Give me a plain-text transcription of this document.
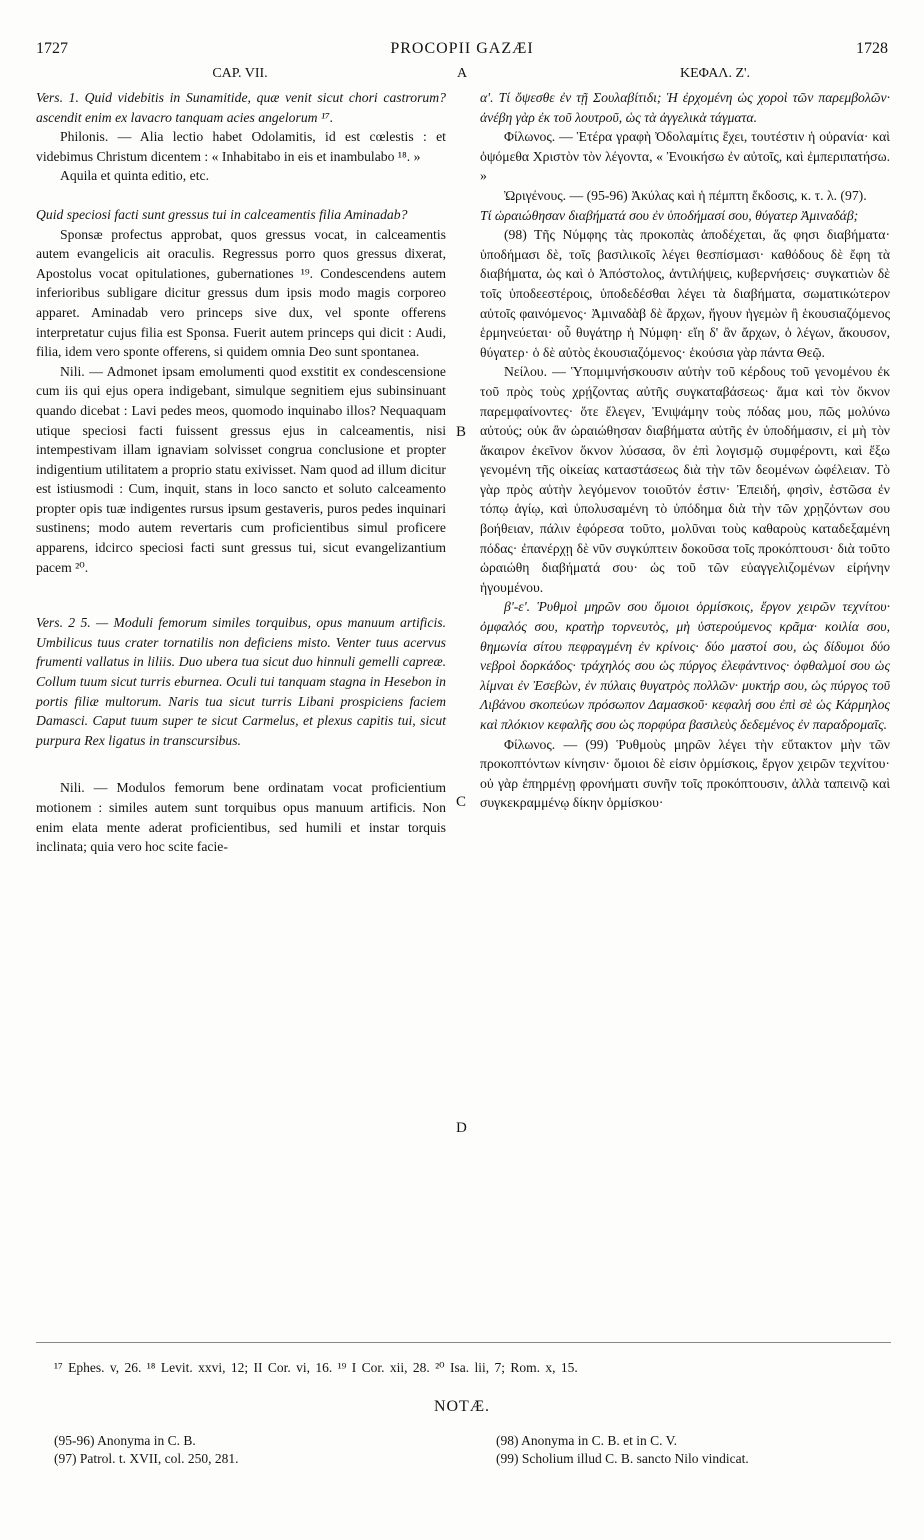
1727	PROCOPII GAZÆI	1728
CAP. VII.	A	ΚΕΦΑΛ. Ζ'.

Vers. 1. Quid videbitis in Sunamitide, quæ venit sicut chori castrorum? ascendit enim ex lavacro tanquam acies angelorum ¹⁷.

Philonis. — Alia lectio habet Odolamitis, id est cœlestis : et videbimus Christum dicentem : « Inhabitabo in eis et inambulabo ¹⁸. »

Aquila et quinta editio, etc.

Quid speciosi facti sunt gressus tui in calceamentis filia Aminadab?

Sponsæ profectus approbat, quos gressus vocat, in calceamentis autem evangelicis ait oraculis. Regressus porro quos gressus dixerat, Apostolus vocat opitulationes, gubernationes ¹⁹. Condescendens autem inferioribus subligare dicitur gressus dum ipsis modo magis corporeo apparet. Aminadab vero princeps sive dux, vel sponte offerens interpretatur cujus filia est Sponsa. Fuerit autem princeps qui dicit : Audi, filia, idem vero sponte offerens, si quidem omnia Deo sunt spontanea.

Nili. — Admonet ipsam emolumenti quod exstitit ex condescensione cum iis qui ejus opera indigebant, simulque segnitiem ejus subinsinuant quando dicebat : Lavi pedes meos, quomodo inquinabo illos? Nequaquam utique speciosi facti fuissent gressus ejus in calceamentis, nisi intempestivam illam ignaviam solvisset congrua conclusione et propter indigentium utilitatem a proprio statu exivisset. Nam quod ad illum dicitur est istiusmodi : Cum, inquit, stans in loco sancto et soluto calceamento propter opis tuæ indigentes rursus ipsum gestaveris, puros pedes inquinari sustinens; modo autem revertaris cum proficientibus simul proficere apparens, idcirco speciosi facti sunt gressus tui, sicut evangelizantium pacem ²⁰.

Vers. 2 5. — Moduli femorum similes torquibus, opus manuum artificis. Umbilicus tuus crater tornatilis non deficiens misto. Venter tuus acervus frumenti vallatus in liliis. Duo ubera tua sicut duo hinnuli gemelli capreæ. Collum tuum sicut turris eburnea. Oculi tui tanquam stagna in Hesebon in portis filiæ multorum. Naris tua sicut turris Libani prospiciens faciem Damasci. Caput tuum super te sicut Carmelus, et plexus capitis tui, sicut purpura Rex ligatus in transcursibus.

Nili. — Modulos femorum bene ordinatam vocat proficientium motionem : similes autem sunt torquibus opus manuum artificis. Non enim elata mente aderat proficientibus, sed humili et instar torquis inclinata; quia vero hoc scite facie-

α'. Τί ὄψεσθε ἐν τῇ Σουλαβίτιδι; Ἡ ἐρχομένη ὡς χοροὶ τῶν παρεμβολῶν· ἀνέβη γὰρ ἐκ τοῦ λουτροῦ, ὡς τὰ ἀγγελικὰ τάγματα.

Φίλωνος. — Ἑτέρα γραφὴ Ὀδολαμίτις ἔχει, τουτέστιν ἡ οὐρανία· καὶ ὀψόμεθα Χριστὸν τὸν λέγοντα, « Ἐνοικήσω ἐν αὐτοῖς, καὶ ἐμπεριπατήσω. »

Ὠριγένους. — (95-96) Ἀκύλας καὶ ἡ πέμπτη ἔκδοσις, κ. τ. λ. (97).

Τί ὡραιώθησαν διαβήματά σου ἐν ὑποδήμασί σου, θύγατερ Ἀμιναδάβ;

(98) Τῆς Νύμφης τὰς προκοπὰς ἀποδέχεται, ἅς φησι διαβήματα· ὑποδήμασι δὲ, τοῖς βασιλικοῖς λέγει θεσπίσμασι· καθόδους δὲ ἔφη τὰ διαβήματα, ὡς καὶ ὁ Ἀπόστολος, ἀντιλήψεις, κυβερνήσεις· συγκατιὼν δὲ τοῖς ὑποδεεστέροις, ὑποδεδέσθαι λέγει τὰ διαβήματα, σωματικώτερον αὐτοῖς φαινόμενος· Ἀμιναδὰβ δὲ ἄρχων, ἤγουν ἡγεμὼν ἢ ἑκουσιαζόμενος ἑρμηνεύεται· οὗ θυγάτηρ ἡ Νύμφη· εἴη δ' ἂν ἄρχων, ὁ λέγων, ἄκουσον, θύγατερ· ὁ δὲ αὐτὸς ἑκουσιαζόμενος· ἑκούσια γὰρ πάντα Θεῷ.

Νείλου. — Ὑπομιμνήσκουσιν αὐτὴν τοῦ κέρδους τοῦ γενομένου ἐκ τοῦ πρὸς τοὺς χρῄζοντας αὐτῆς συγκαταβάσεως· ἅμα καὶ τὸν ὄκνον παρεμφαίνοντες· ὅτε ἔλεγεν, Ἐνιψάμην τοὺς πόδας μου, πῶς μολύνω αὐτούς; οὐκ ἂν ὡραιώθησαν διαβήματα αὐτῆς ἐν ὑποδήμασιν, εἰ μὴ τὸν ἄκαιρον ἐκεῖνον ὄκνον λύσασα, ὃν ἐπὶ λογισμῷ συμφέροντι, καὶ ἔξω γενομένη τῆς οἰκείας καταστάσεως διὰ τὴν τῶν δεομένων ὠφέλειαν. Τὸ γὰρ πρὸς αὐτὴν λεγόμενον τοιοῦτόν ἐστιν· Ἐπειδή, φησὶν, ἑστῶσα ἐν τόπῳ ἁγίῳ, καὶ ὑπολυσαμένη τὸ ὑπόδημα διὰ τὴν τῶν χρῃζόντων σου βοήθειαν, πάλιν ἐφόρεσα τοῦτο, μολῦναι τοὺς καθαροὺς καταδεξαμένη πόδας· ἐπανέρχῃ δὲ νῦν συγκύπτειν δοκοῦσα τοῖς προκόπτουσι· διὰ τοῦτο ὡραιώθη διαβήματά σου· ὡς τοῦ τῶν εὐαγγελιζομένων εἰρήνην ἡγουμένου.

β'-ε'. Ῥυθμοὶ μηρῶν σου ὅμοιοι ὁρμίσκοις, ἔργον χειρῶν τεχνίτου· ὀμφαλός σου, κρατὴρ τορνευτὸς, μὴ ὑστερούμενος κρᾶμα· κοιλία σου, θημωνία σίτου πεφραγμένη ἐν κρίνοις· δύο μαστοί σου, ὡς δίδυμοι δύο νεβροὶ δορκάδος· τράχηλός σου ὡς πύργος ἐλεφάντινος· ὀφθαλμοί σου ὡς λίμναι ἐν Ἐσεβὼν, ἐν πύλαις θυγατρὸς πολλῶν· μυκτήρ σου, ὡς πύργος τοῦ Λιβάνου σκοπεύων πρόσωπον Δαμασκοῦ· κεφαλή σου ἐπὶ σὲ ὡς Κάρμηλος καὶ πλόκιον κεφαλῆς σου ὡς πορφύρα βασιλεὺς δεδεμένος ἐν παραδρομαῖς.

Φίλωνος. — (99) Ῥυθμοὺς μηρῶν λέγει τὴν εὔτακτον μὴν τῶν προκοπτόντων κίνησιν· ὅμοιοι δὲ εἰσιν ὁρμίσκοις, ἔργον χειρῶν τεχνίτου· οὐ γὰρ ἐπηρμένῃ φρονήματι συνῆν τοῖς προκόπτουσιν, ἀλλὰ ταπεινῷ καὶ συγκεκραμμένῳ δίκην ὁρμίσκου·

B
C
D
¹⁷ Ephes. v, 26. ¹⁸ Levit. xxvi, 12; II Cor. vi, 16. ¹⁹ I Cor. xii, 28. ²⁰ Isa. lii, 7; Rom. x, 15.
NOTÆ.
(95-96) Anonyma in C. B.
(97) Patrol. t. XVII, col. 250, 281.
(98) Anonyma in C. B. et in C. V.
(99) Scholium illud C. B. sancto Nilo vindicat.
